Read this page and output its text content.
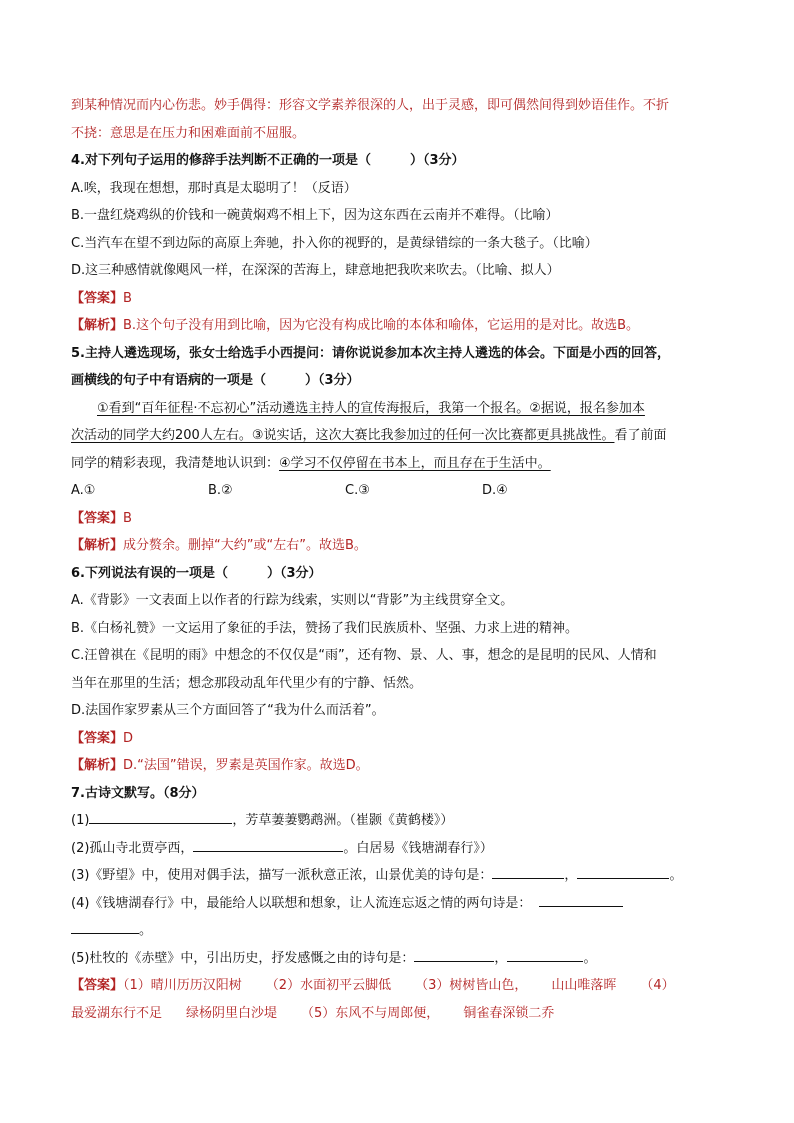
到某种情况而内心伤悲。妙手偶得：形容文学素养很深的人，出于灵感，即可偶然间得到妙语佳作。不折
不挠：意思是在压力和困难面前不屈服。
4.对下列句子运用的修辞手法判断不正确的一项是（　　　）（3分）
A.唉，我现在想想，那时真是太聪明了！（反语）
B.一盘红烧鸡纵的价钱和一碗黄焖鸡不相上下，因为这东西在云南并不难得。（比喻）
C.当汽车在望不到边际的高原上奔驰，扑入你的视野的，是黄绿错综的一条大毯子。（比喻）
D.这三种感情就像飓风一样，在深深的苦海上，肆意地把我吹来吹去。（比喻、拟人）
【答案】B
【解析】B.这个句子没有用到比喻，因为它没有构成比喻的本体和喻体，它运用的是对比。故选B。
5.主持人遴选现场，张女士给选手小西提问：请你说说参加本次主持人遴选的体会。下面是小西的回答，
画横线的句子中有语病的一项是（　　　）（3分）
①看到“百年征程·不忘初心”活动遴选主持人的宣传海报后，我第一个报名。②据说，报名参加本
次活动的同学大约200人左右。③说实话，这次大赛比我参加过的任何一次比赛都更具挑战性。看了前面
同学的精彩表现，我清楚地认识到：④学习不仅停留在书本上，而且存在于生活中。
A.①	B.②	C.③	D.④
【答案】B
【解析】成分赘余。删掉“大约”或“左右”。故选B。
6.下列说法有误的一项是（　　　）（3分）
A.《背影》一文表面上以作者的行踪为线索，实则以“背影”为主线贯穿全文。
B.《白杨礼赞》一文运用了象征的手法，赞扬了我们民族质朴、坚强、力求上进的精神。
C.汪曾祺在《昆明的雨》中想念的不仅仅是“雨”，还有物、景、人、事，想念的是昆明的民风、人情和
当年在那里的生活；想念那段动乱年代里少有的宁静、恬然。
D.法国作家罗素从三个方面回答了“我为什么而活着”。
【答案】D
【解析】D.“法国”错误，罗素是英国作家。故选D。
7.古诗文默写。（8分）
(1)	，芳草萋萋鹦鹉洲。（崔颢《黄鹤楼》）
(2)孤山寺北贾亭西，	。白居易《钱塘湖春行》）
(3)《野望》中，使用对偶手法，描写一派秋意正浓，山景优美的诗句是：	，	。
(4)《钱塘湖春行》中，最能给人以联想和想象，让人流连忘返之情的两句诗是：
。
(5)杜牧的《赤壁》中，引出历史，抒发感慨之由的诗句是：	，	。
【答案】（1）晴川历历汉阳树 （2）水面初平云脚低 （3）树树皆山色， 山山唯落晖 （4）
最爱湖东行不足 绿杨阴里白沙堤 （5）东风不与周郎便， 铜雀春深锁二乔
